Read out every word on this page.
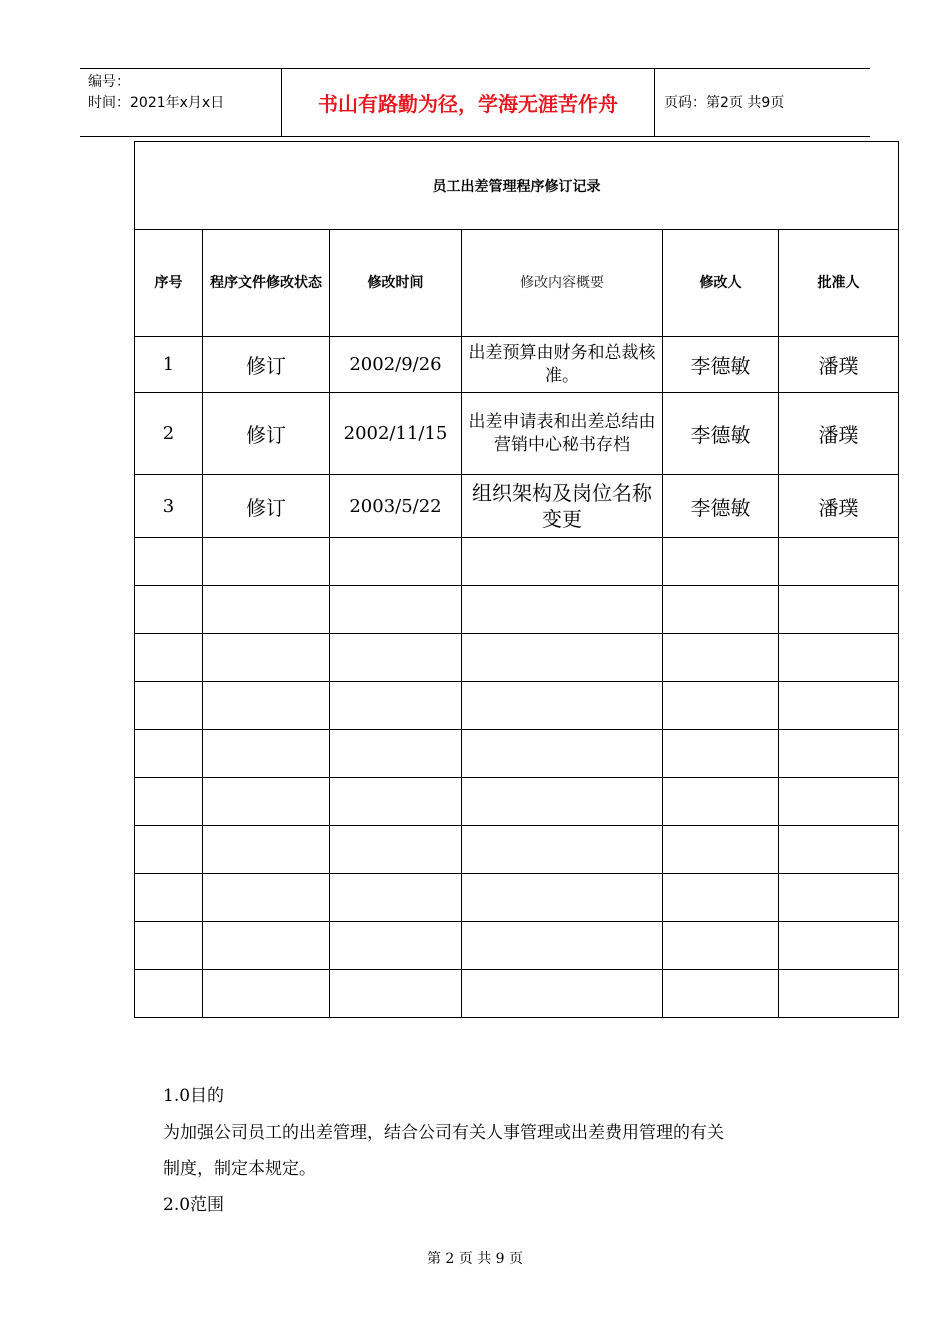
编号：
时间：2021年x月x日	书山有路勤为径，学海无涯苦作舟	页码：第2页 共9页
员工出差管理程序修订记录					
序号	程序文件修改状态	修改时间	修改内容概要	修改人	批准人
1	修订	2002/9/26	出差预算由财务和总裁核准。	李德敏	潘璞
2	修订	2002/11/15	出差申请表和出差总结由营销中心秘书存档	李德敏	潘璞
3	修订	2003/5/22	组织架构及岗位名称变更	李德敏	潘璞

1.0目的
为加强公司员工的出差管理，结合公司有关人事管理或出差费用管理的有关
制度，制定本规定。
2.0范围
第 2 页 共 9 页
